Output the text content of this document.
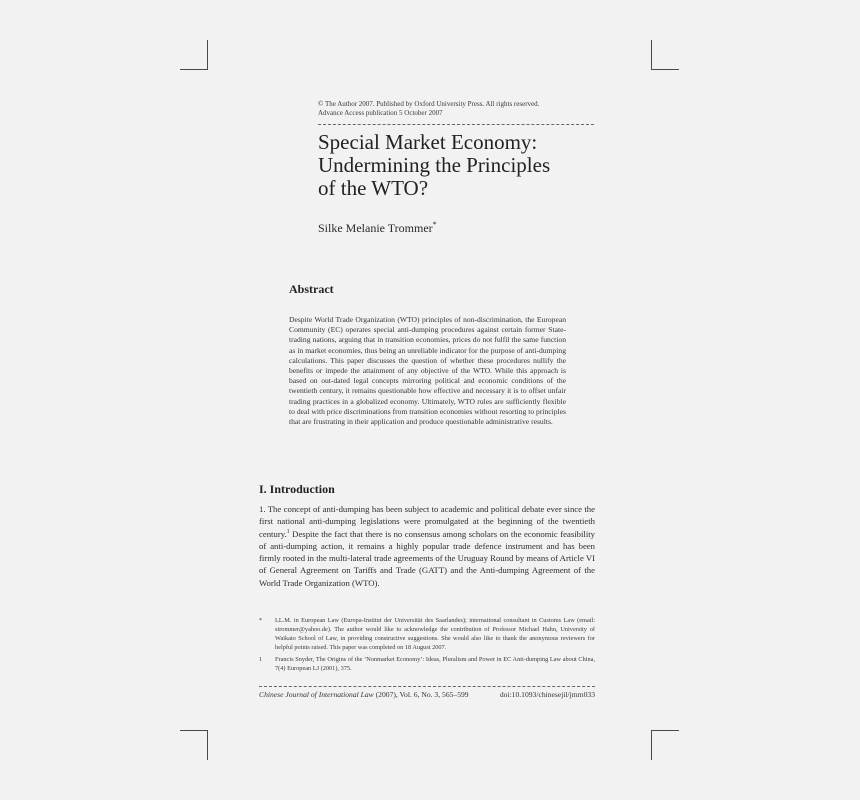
© The Author 2007. Published by Oxford University Press. All rights reserved.
Advance Access publication 5 October 2007
Special Market Economy:
Undermining the Principles
of the WTO?
Silke Melanie Trommer*
Abstract

Despite World Trade Organization (WTO) principles of non-discrimination, the European Community (EC) operates special anti-dumping procedures against certain former State-trading nations, arguing that in transition economies, prices do not fulfil the same function as in market economies, thus being an unreliable indicator for the purpose of anti-dumping calculations. This paper discusses the question of whether these procedures nullify the benefits or impede the attainment of any objective of the WTO. While this approach is based on out-dated legal concepts mirroring political and economic conditions of the twentieth century, it remains questionable how effective and necessary it is to offset unfair trading practices in a globalized economy. Ultimately, WTO rules are sufficiently flexible to deal with price discriminations from transition economies without resorting to principles that are frustrating in their application and produce questionable administrative results.

I. Introduction

1. The concept of anti-dumping has been subject to academic and political debate ever since the first national anti-dumping legislations were promulgated at the beginning of the twentieth century.$^1$ Despite the fact that there is no consensus among scholars on the economic feasibility of anti-dumping action, it remains a highly popular trade defence instrument and has been firmly rooted in the multi-lateral trade agreements of the Uruguay Round by means of Article VI of General Agreement on Tariffs and Trade (GATT) and the Anti-dumping Agreement of the World Trade Organization (WTO).

*	LL.M. in European Law (Europa-Institut der Universität des Saarlandes); international consultant in Customs Law (email: strommer@yahoo.de). The author would like to acknowledge the contribution of Professor Michael Hahn, University of Waikato School of Law, in providing constructive suggestions. She would also like to thank the anonymous reviewers for helpful points raised. This paper was completed on 18 August 2007.
1	Francis Snyder, The Origins of the ‘Nonmarket Economy’: Ideas, Pluralism and Power in EC Anti-dumping Law about China, 7(4) European LJ (2001), 375.
Chinese Journal of International Law (2007), Vol. 6, No. 3, 565–599	doi:10.1093/chinesejil/jmm033
